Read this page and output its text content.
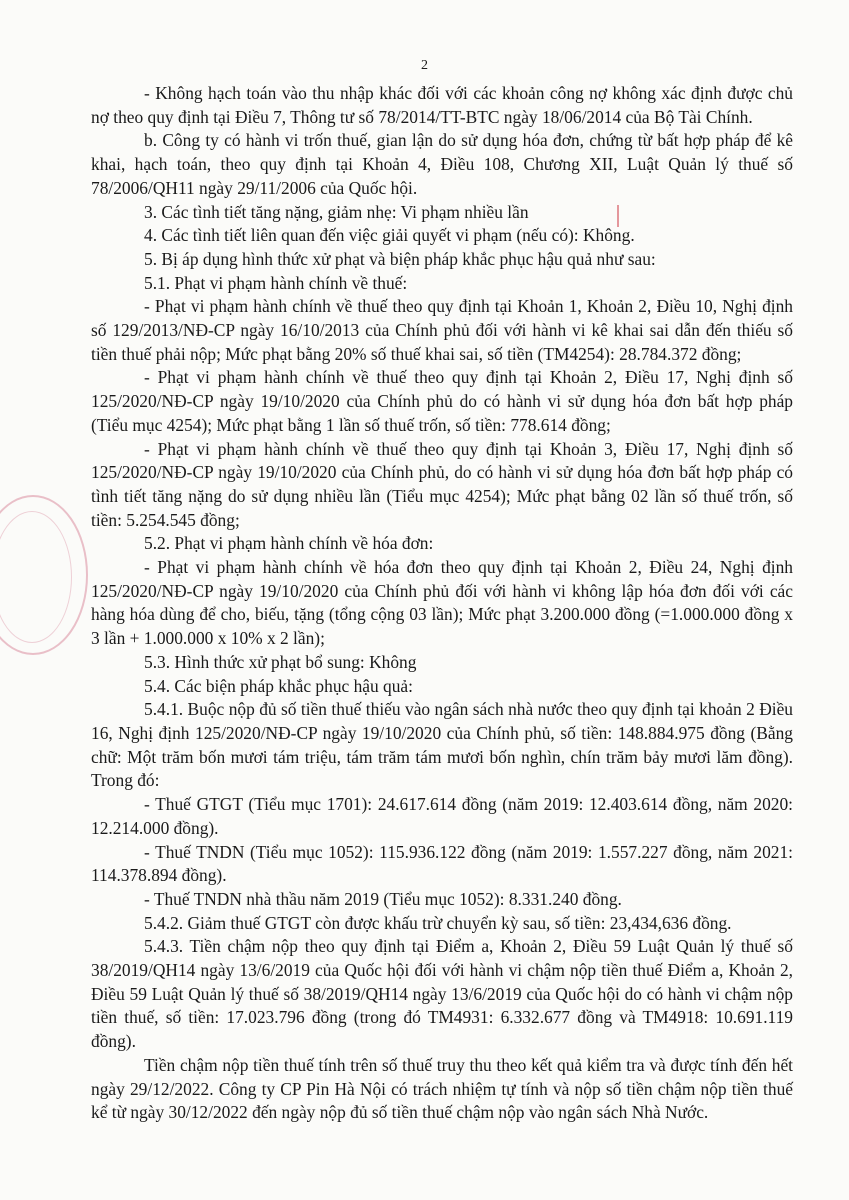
2

- Không hạch toán vào thu nhập khác đối với các khoản công nợ không xác định được chủ nợ theo quy định tại Điều 7, Thông tư số 78/2014/TT-BTC ngày 18/06/2014 của Bộ Tài Chính.

b. Công ty có hành vi trốn thuế, gian lận do sử dụng hóa đơn, chứng từ bất hợp pháp để kê khai, hạch toán, theo quy định tại Khoản 4, Điều 108, Chương XII, Luật Quản lý thuế số 78/2006/QH11 ngày 29/11/2006 của Quốc hội.

3. Các tình tiết tăng nặng, giảm nhẹ: Vi phạm nhiều lần

4. Các tình tiết liên quan đến việc giải quyết vi phạm (nếu có): Không.

5. Bị áp dụng hình thức xử phạt và biện pháp khắc phục hậu quả như sau:

5.1. Phạt vi phạm hành chính về thuế:

- Phạt vi phạm hành chính về thuế theo quy định tại Khoản 1, Khoản 2, Điều 10, Nghị định số 129/2013/NĐ-CP ngày 16/10/2013 của Chính phủ đối với hành vi kê khai sai dẫn đến thiếu số tiền thuế phải nộp; Mức phạt bằng 20% số thuế khai sai, số tiền (TM4254): 28.784.372 đồng;

- Phạt vi phạm hành chính về thuế theo quy định tại Khoản 2, Điều 17, Nghị định số 125/2020/NĐ-CP ngày 19/10/2020 của Chính phủ do có hành vi sử dụng hóa đơn bất hợp pháp (Tiểu mục 4254); Mức phạt bằng 1 lần số thuế trốn, số tiền: 778.614 đồng;

- Phạt vi phạm hành chính về thuế theo quy định tại Khoản 3, Điều 17, Nghị định số 125/2020/NĐ-CP ngày 19/10/2020 của Chính phủ, do có hành vi sử dụng hóa đơn bất hợp pháp có tình tiết tăng nặng do sử dụng nhiều lần (Tiểu mục 4254); Mức phạt bằng 02 lần số thuế trốn, số tiền: 5.254.545 đồng;

5.2. Phạt vi phạm hành chính về hóa đơn:

- Phạt vi phạm hành chính về hóa đơn theo quy định tại Khoản 2, Điều 24, Nghị định 125/2020/NĐ-CP ngày 19/10/2020 của Chính phủ đối với hành vi không lập hóa đơn đối với các hàng hóa dùng để cho, biếu, tặng (tổng cộng 03 lần); Mức phạt 3.200.000 đồng (=1.000.000 đồng x 3 lần + 1.000.000 x 10% x 2 lần);

5.3. Hình thức xử phạt bổ sung: Không

5.4. Các biện pháp khắc phục hậu quả:

5.4.1. Buộc nộp đủ số tiền thuế thiếu vào ngân sách nhà nước theo quy định tại khoản 2 Điều 16, Nghị định 125/2020/NĐ-CP ngày 19/10/2020 của Chính phủ, số tiền: 148.884.975 đồng (Bằng chữ: Một trăm bốn mươi tám triệu, tám trăm tám mươi bốn nghìn, chín trăm bảy mươi lăm đồng). Trong đó:

- Thuế GTGT (Tiểu mục 1701): 24.617.614 đồng (năm 2019: 12.403.614 đồng, năm 2020: 12.214.000 đồng).

- Thuế TNDN (Tiểu mục 1052): 115.936.122 đồng (năm 2019: 1.557.227 đồng, năm 2021: 114.378.894 đồng).

- Thuế TNDN nhà thầu năm 2019 (Tiểu mục 1052): 8.331.240 đồng.

5.4.2. Giảm thuế GTGT còn được khấu trừ chuyển kỳ sau, số tiền: 23,434,636 đồng.

5.4.3. Tiền chậm nộp theo quy định tại Điểm a, Khoản 2, Điều 59 Luật Quản lý thuế số 38/2019/QH14 ngày 13/6/2019 của Quốc hội đối với hành vi chậm nộp tiền thuế Điểm a, Khoản 2, Điều 59 Luật Quản lý thuế số 38/2019/QH14 ngày 13/6/2019 của Quốc hội do có hành vi chậm nộp tiền thuế, số tiền: 17.023.796 đồng (trong đó TM4931: 6.332.677 đồng và TM4918: 10.691.119 đồng).

Tiền chậm nộp tiền thuế tính trên số thuế truy thu theo kết quả kiểm tra và được tính đến hết ngày 29/12/2022. Công ty CP Pin Hà Nội có trách nhiệm tự tính và nộp số tiền chậm nộp tiền thuế kể từ ngày 30/12/2022 đến ngày nộp đủ số tiền thuế chậm nộp vào ngân sách Nhà Nước.
